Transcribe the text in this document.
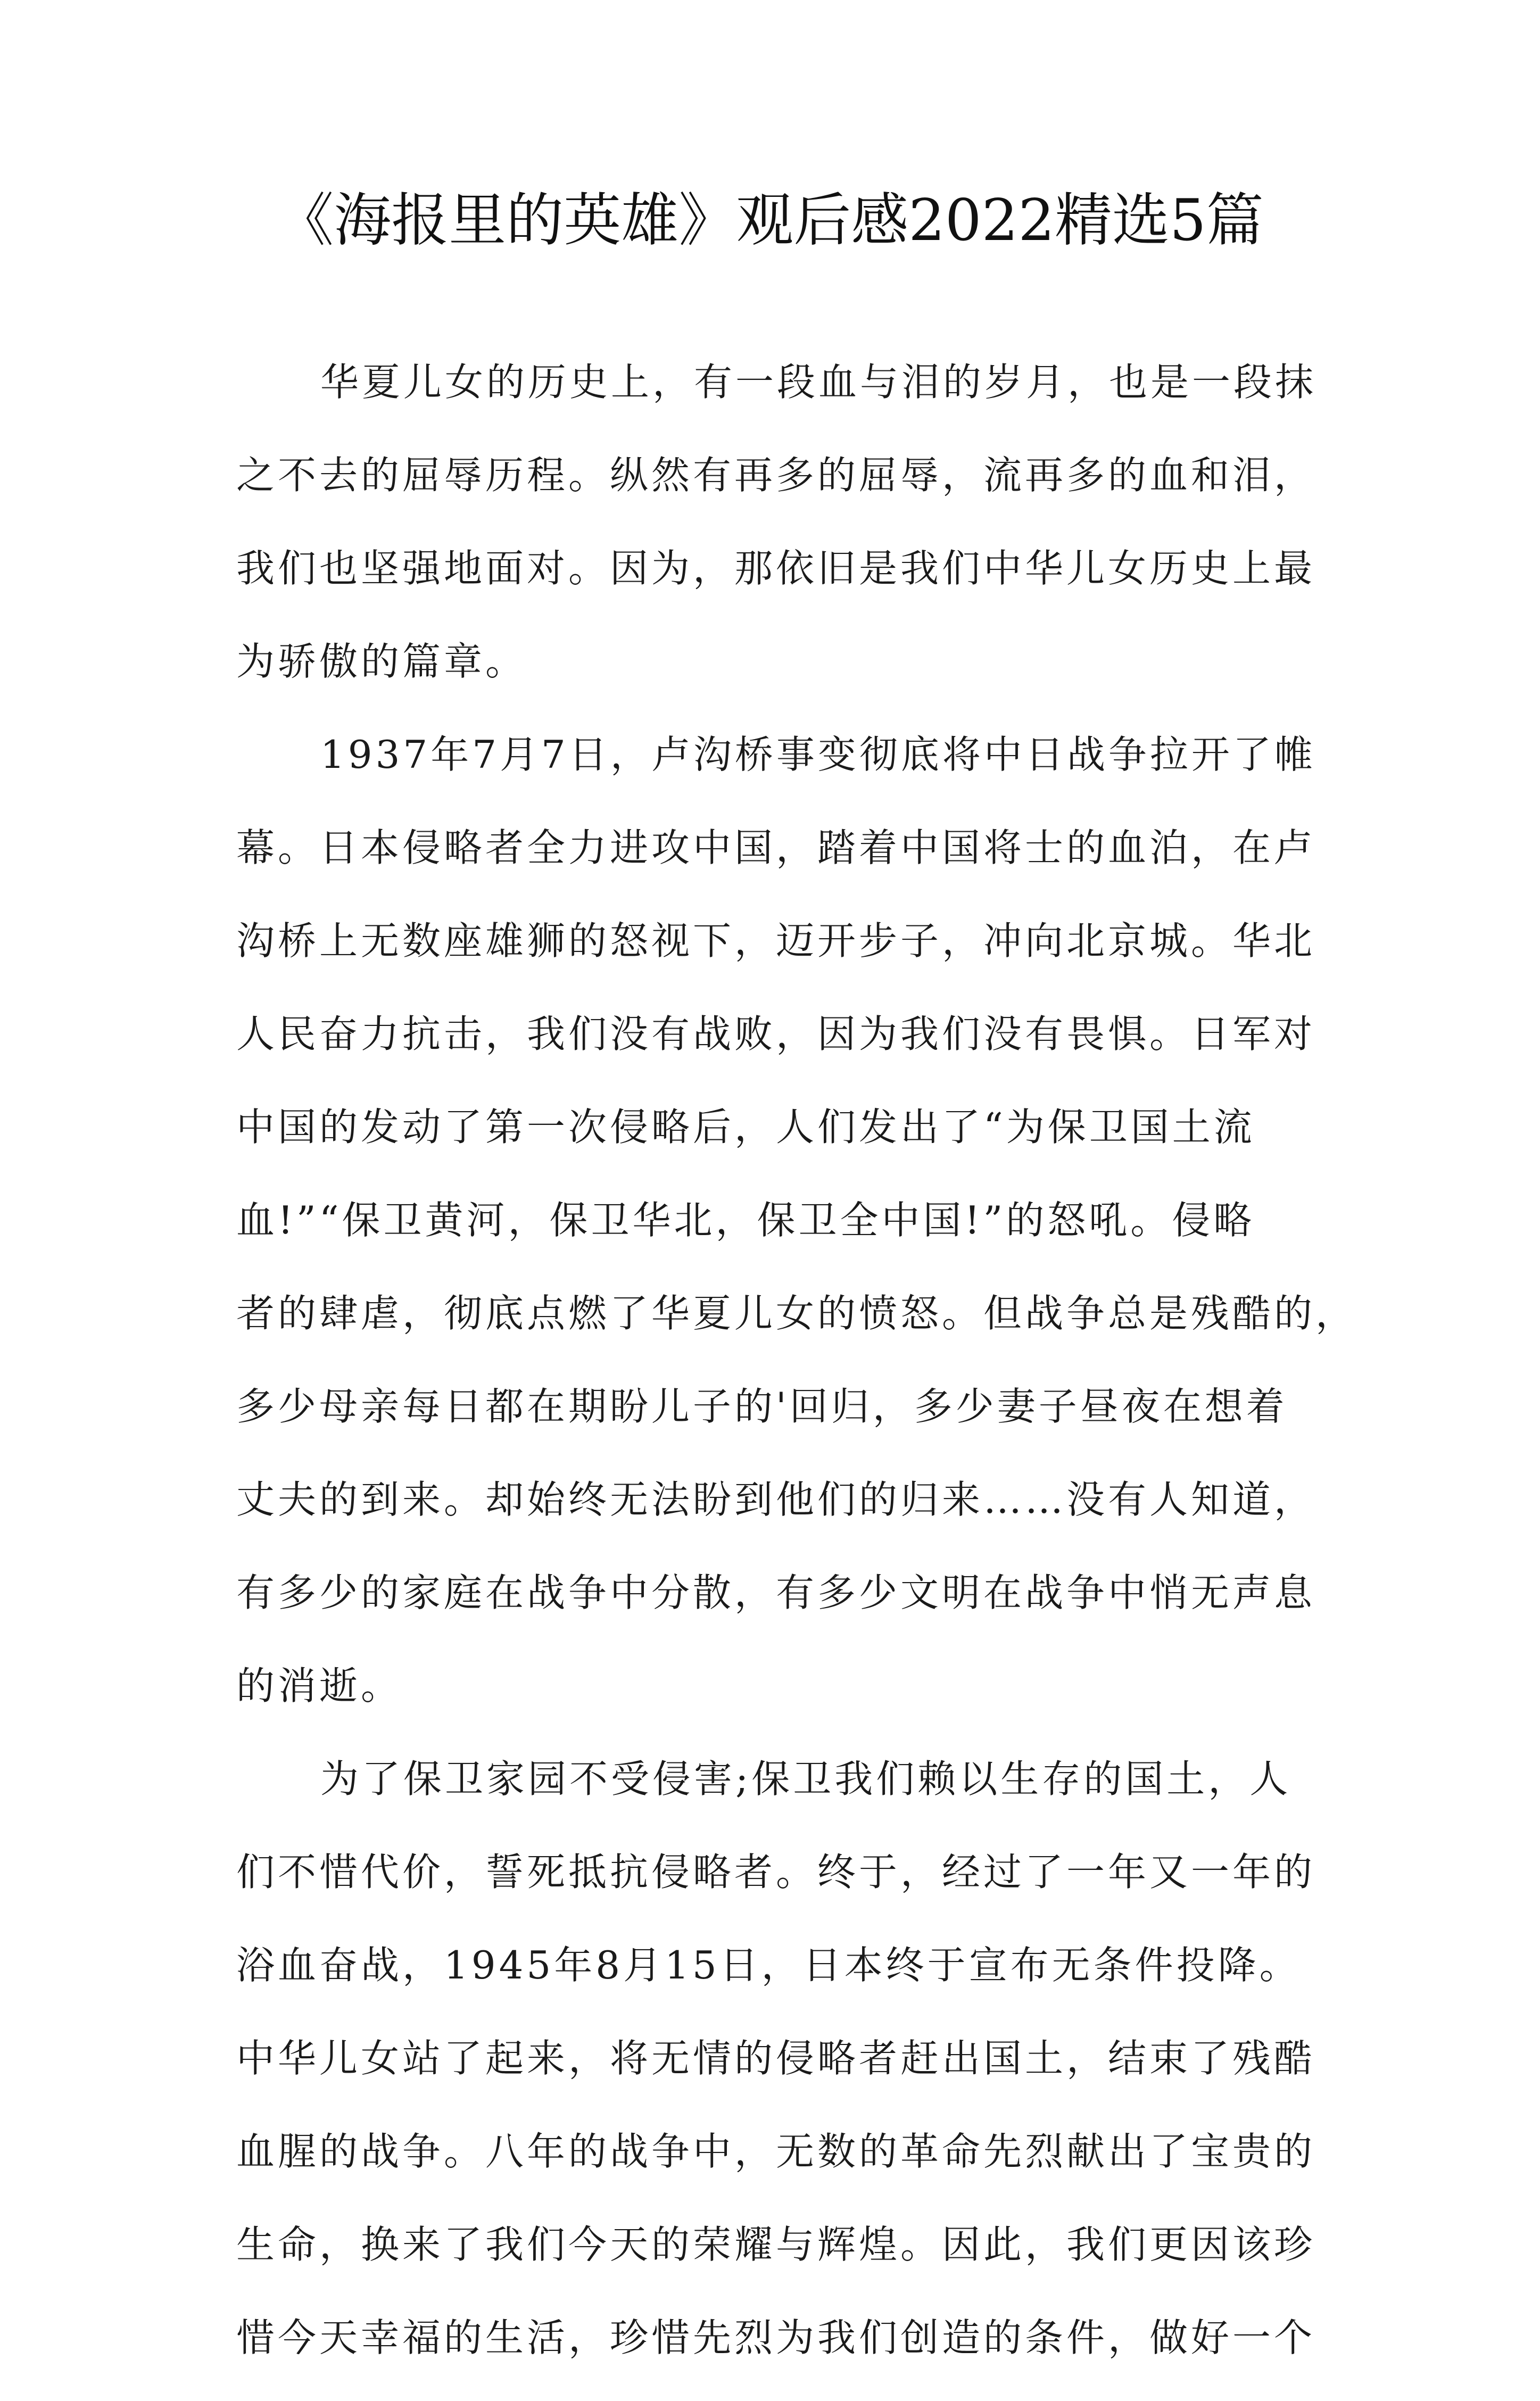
《海报里的英雄》观后感2022精选5篇
华夏儿女的历史上，有一段血与泪的岁月，也是一段抹
之不去的屈辱历程。纵然有再多的屈辱，流再多的血和泪，
我们也坚强地面对。因为，那依旧是我们中华儿女历史上最
为骄傲的篇章。
1937年7月7日，卢沟桥事变彻底将中日战争拉开了帷
幕。日本侵略者全力进攻中国，踏着中国将士的血泊，在卢
沟桥上无数座雄狮的怒视下，迈开步子，冲向北京城。华北
人民奋力抗击，我们没有战败，因为我们没有畏惧。日军对
中国的发动了第一次侵略后，人们发出了“为保卫国土流
血!”“保卫黄河，保卫华北，保卫全中国!”的怒吼。侵略
者的肆虐，彻底点燃了华夏儿女的愤怒。但战争总是残酷的，
多少母亲每日都在期盼儿子的'回归，多少妻子昼夜在想着
丈夫的到来。却始终无法盼到他们的归来……没有人知道，
有多少的家庭在战争中分散，有多少文明在战争中悄无声息
的消逝。
为了保卫家园不受侵害;保卫我们赖以生存的国土，人
们不惜代价，誓死抵抗侵略者。终于，经过了一年又一年的
浴血奋战，1945年8月15日，日本终于宣布无条件投降。
中华儿女站了起来，将无情的侵略者赶出国土，结束了残酷
血腥的战争。八年的战争中，无数的革命先烈献出了宝贵的
生命，换来了我们今天的荣耀与辉煌。因此，我们更因该珍
惜今天幸福的生活，珍惜先烈为我们创造的条件，做好一个
